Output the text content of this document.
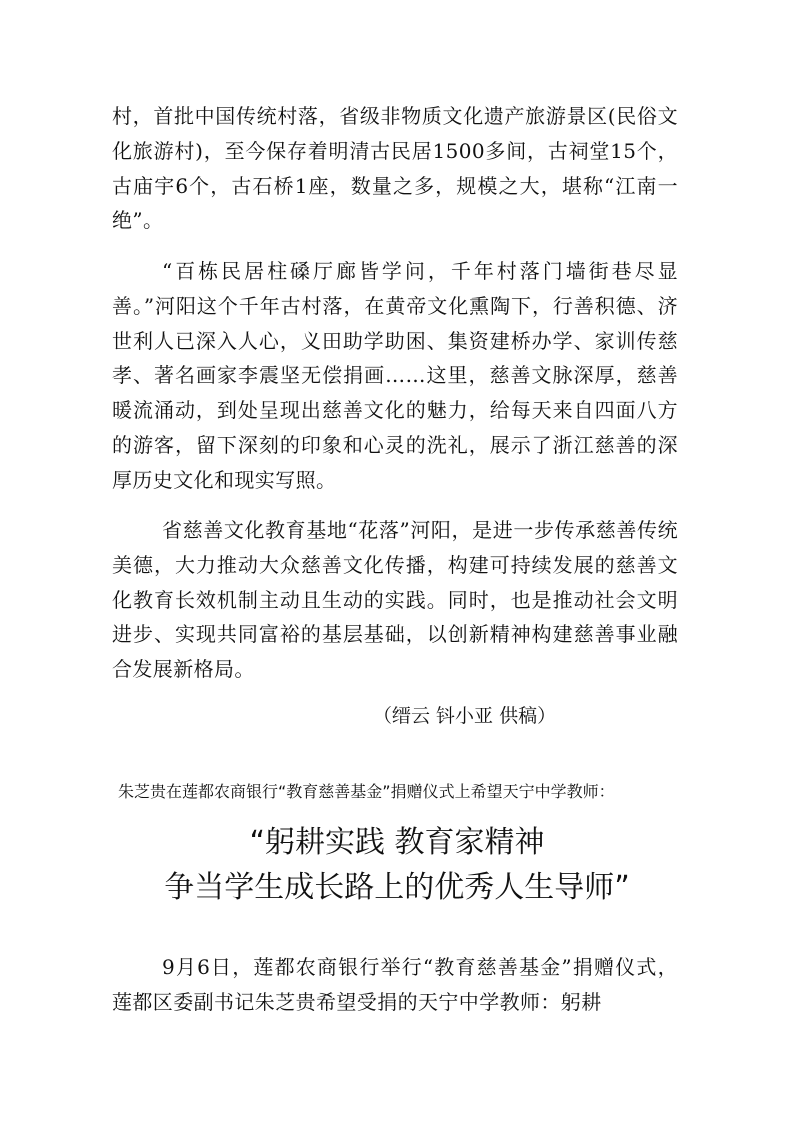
村，首批中国传统村落，省级非物质文化遗产旅游景区(民俗文化旅游村)，至今保存着明清古民居1500多间，古祠堂15个，古庙宇6个，古石桥1座，数量之多，规模之大，堪称“江南一绝”。

“百栋民居柱磉厅廊皆学问，千年村落门墙街巷尽显善。”河阳这个千年古村落，在黄帝文化熏陶下，行善积德、济世利人已深入人心，义田助学助困、集资建桥办学、家训传慈孝、著名画家李震坚无偿捐画……这里，慈善文脉深厚，慈善暖流涌动，到处呈现出慈善文化的魅力，给每天来自四面八方的游客，留下深刻的印象和心灵的洗礼，展示了浙江慈善的深厚历史文化和现实写照。

省慈善文化教育基地“花落”河阳，是进一步传承慈善传统美德，大力推动大众慈善文化传播，构建可持续发展的慈善文化教育长效机制主动且生动的实践。同时，也是推动社会文明进步、实现共同富裕的基层基础，以创新精神构建慈善事业融合发展新格局。

（缙云 钭小亚 供稿）

朱芝贵在莲都农商银行“教育慈善基金”捐赠仪式上希望天宁中学教师：

“躬耕实践 教育家精神
争当学生成长路上的优秀人生导师”

9月6日，莲都农商银行举行“教育慈善基金”捐赠仪式，莲都区委副书记朱芝贵希望受捐的天宁中学教师：躬耕
